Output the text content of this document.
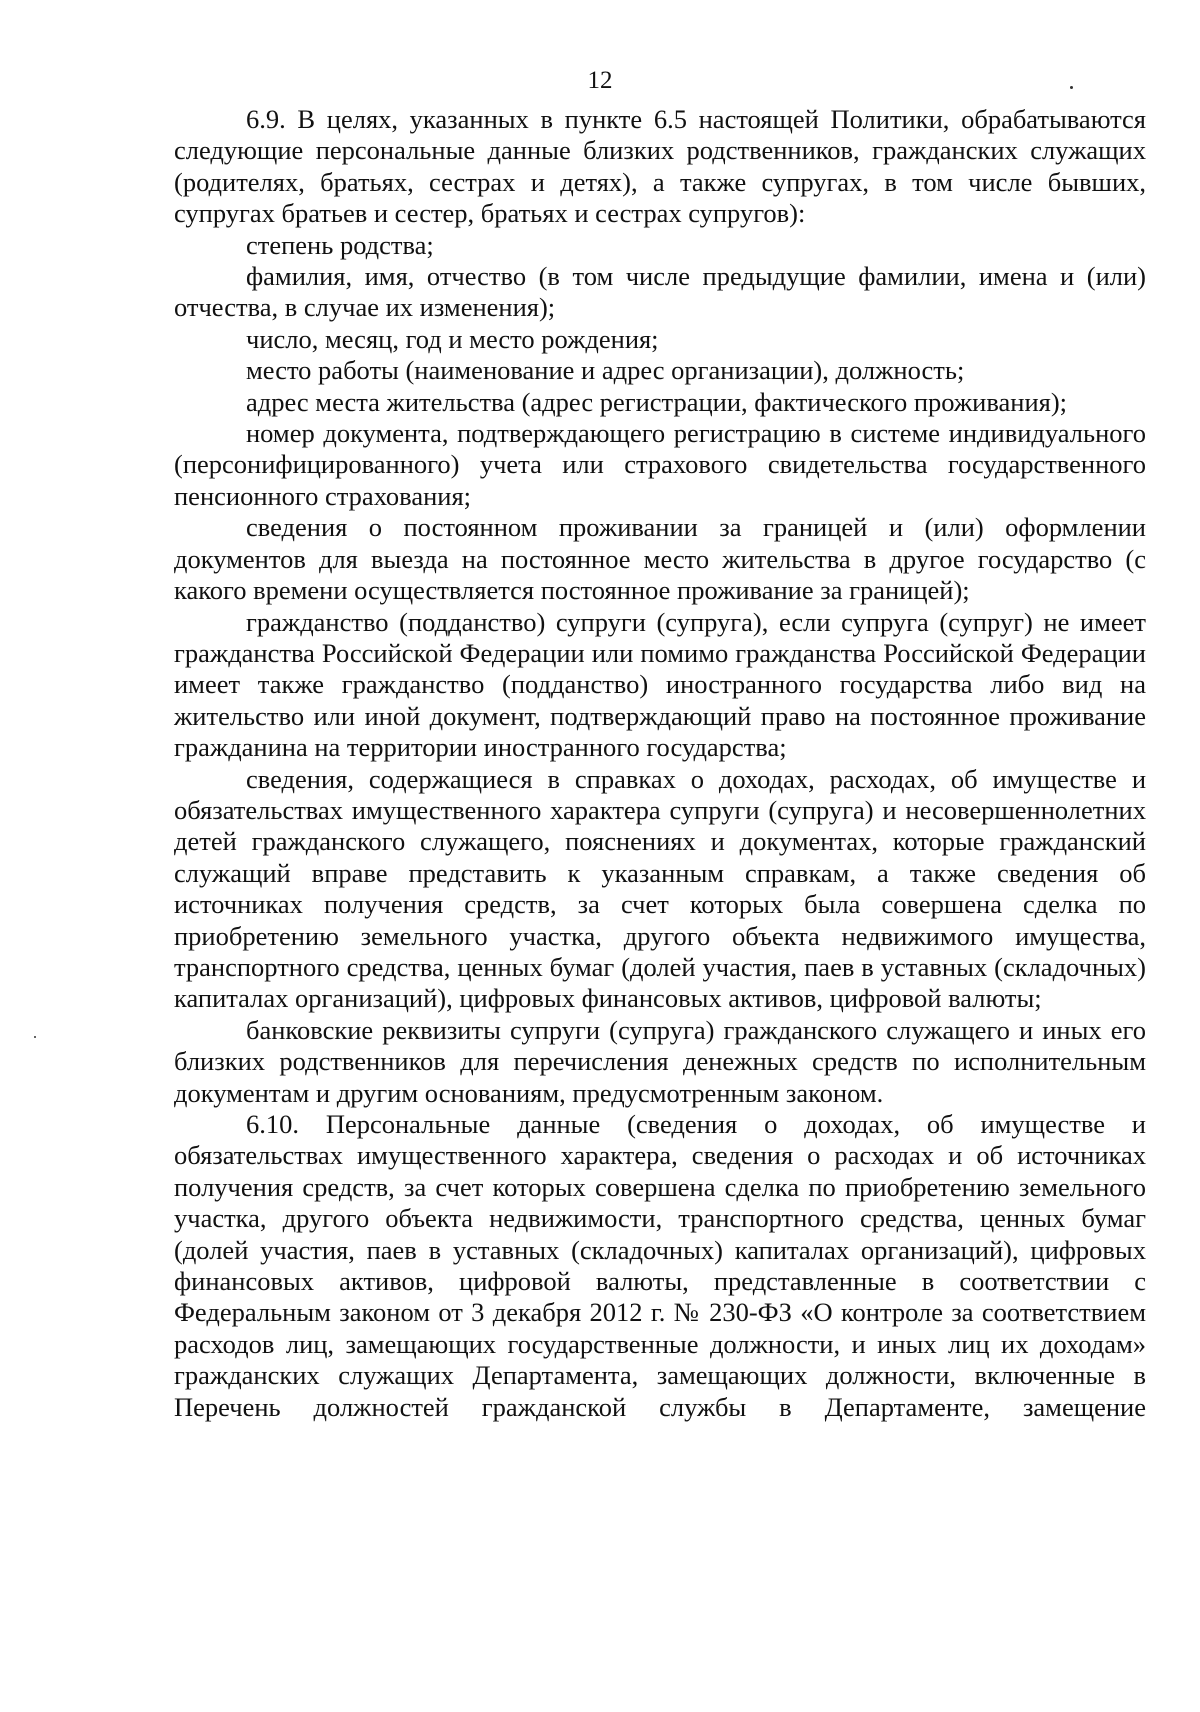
12

6.9. В целях, указанных в пункте 6.5 настоящей Политики, обрабатываются следующие персональные данные близких родственников, гражданских служащих (родителях, братьях, сестрах и детях), а также супругах, в том числе бывших, супругах братьев и сестер, братьях и сестрах супругов):

степень родства;

фамилия, имя, отчество (в том числе предыдущие фамилии, имена и (или) отчества, в случае их изменения);

число, месяц, год и место рождения;

место работы (наименование и адрес организации), должность;

адрес места жительства (адрес регистрации, фактического проживания);

номер документа, подтверждающего регистрацию в системе индивидуального (персонифицированного) учета или страхового свидетельства государственного пенсионного страхования;

сведения о постоянном проживании за границей и (или) оформлении документов для выезда на постоянное место жительства в другое государство (с какого времени осуществляется постоянное проживание за границей);

гражданство (подданство) супруги (супруга), если супруга (супруг) не имеет гражданства Российской Федерации или помимо гражданства Российской Федерации имеет также гражданство (подданство) иностранного государства либо вид на жительство или иной документ, подтверждающий право на постоянное проживание гражданина на территории иностранного государства;

сведения, содержащиеся в справках о доходах, расходах, об имуществе и обязательствах имущественного характера супруги (супруга) и несовершеннолетних детей гражданского служащего, пояснениях и документах, которые гражданский служащий вправе представить к указанным справкам, а также сведения об источниках получения средств, за счет которых была совершена сделка по приобретению земельного участка, другого объекта недвижимого имущества, транспортного средства, ценных бумаг (долей участия, паев в уставных (складочных) капиталах организаций), цифровых финансовых активов, цифровой валюты;

банковские реквизиты супруги (супруга) гражданского служащего и иных его близких родственников для перечисления денежных средств по исполнительным документам и другим основаниям, предусмотренным законом.

6.10. Персональные данные (сведения о доходах, об имуществе и обязательствах имущественного характера, сведения о расходах и об источниках получения средств, за счет которых совершена сделка по приобретению земельного участка, другого объекта недвижимости, транспортного средства, ценных бумаг (долей участия, паев в уставных (складочных) капиталах организаций), цифровых финансовых активов, цифровой валюты, представленные в соответствии с Федеральным законом от 3 декабря 2012 г. № 230-ФЗ «О контроле за соответствием расходов лиц, замещающих государственные должности, и иных лиц их доходам» гражданских служащих Департамента, замещающих должности, включенные в Перечень должностей гражданской службы в Департаменте, замещение
